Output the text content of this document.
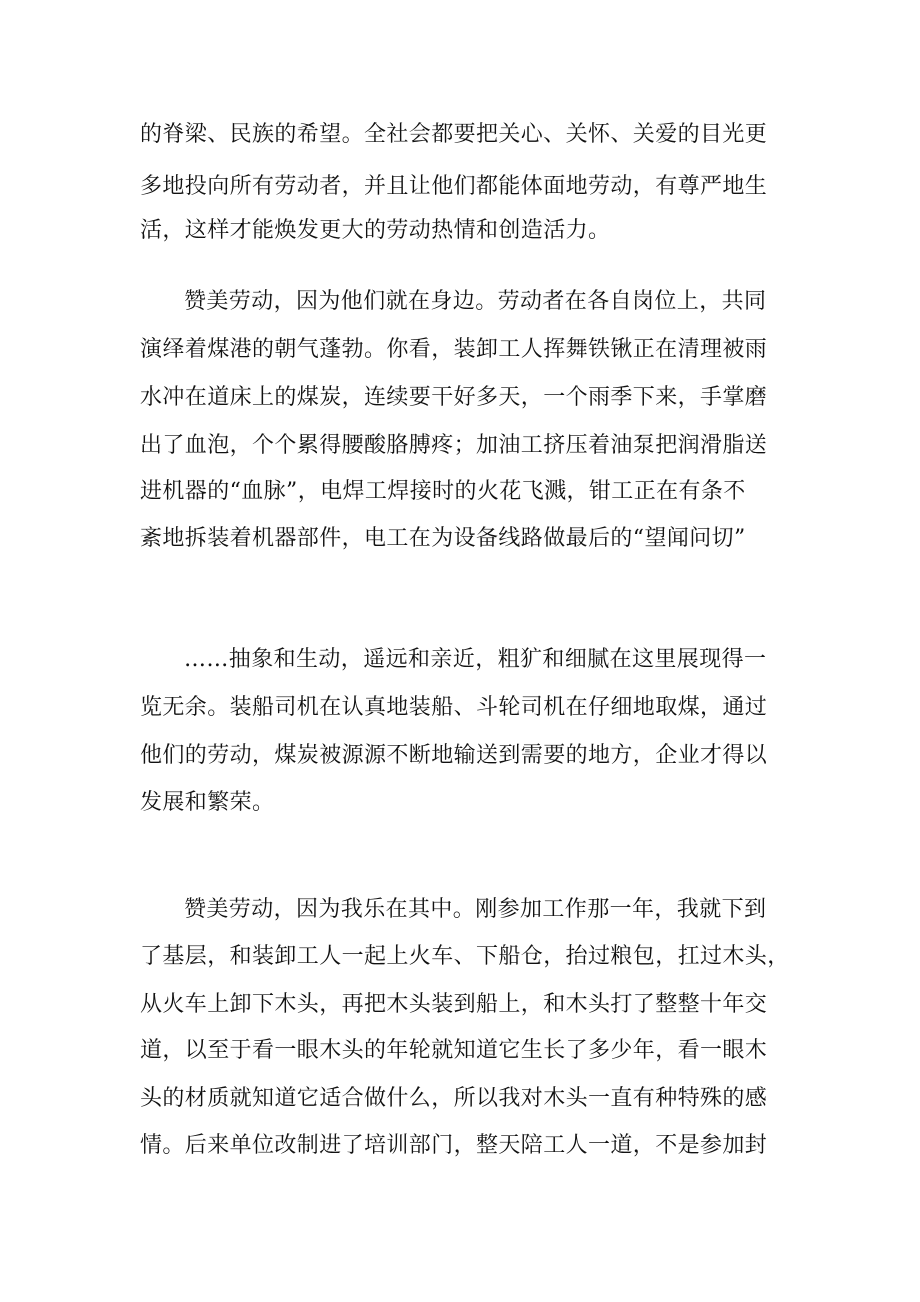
的脊梁、民族的希望。全社会都要把关心、关怀、关爱的目光更
多地投向所有劳动者，并且让他们都能体面地劳动，有尊严地生
活，这样才能焕发更大的劳动热情和创造活力。
赞美劳动，因为他们就在身边。劳动者在各自岗位上，共同
演绎着煤港的朝气蓬勃。你看，装卸工人挥舞铁锹正在清理被雨
水冲在道床上的煤炭，连续要干好多天，一个雨季下来，手掌磨
出了血泡，个个累得腰酸胳膊疼；加油工挤压着油泵把润滑脂送
进机器的“血脉”，电焊工焊接时的火花飞溅，钳工正在有条不
紊地拆装着机器部件，电工在为设备线路做最后的“望闻问切”
……抽象和生动，遥远和亲近，粗犷和细腻在这里展现得一
览无余。装船司机在认真地装船、斗轮司机在仔细地取煤，通过
他们的劳动，煤炭被源源不断地输送到需要的地方，企业才得以
发展和繁荣。
赞美劳动，因为我乐在其中。刚参加工作那一年，我就下到
了基层，和装卸工人一起上火车、下船仓，抬过粮包，扛过木头，
从火车上卸下木头，再把木头装到船上，和木头打了整整十年交
道，以至于看一眼木头的年轮就知道它生长了多少年，看一眼木
头的材质就知道它适合做什么，所以我对木头一直有种特殊的感
情。后来单位改制进了培训部门，整天陪工人一道，不是参加封
